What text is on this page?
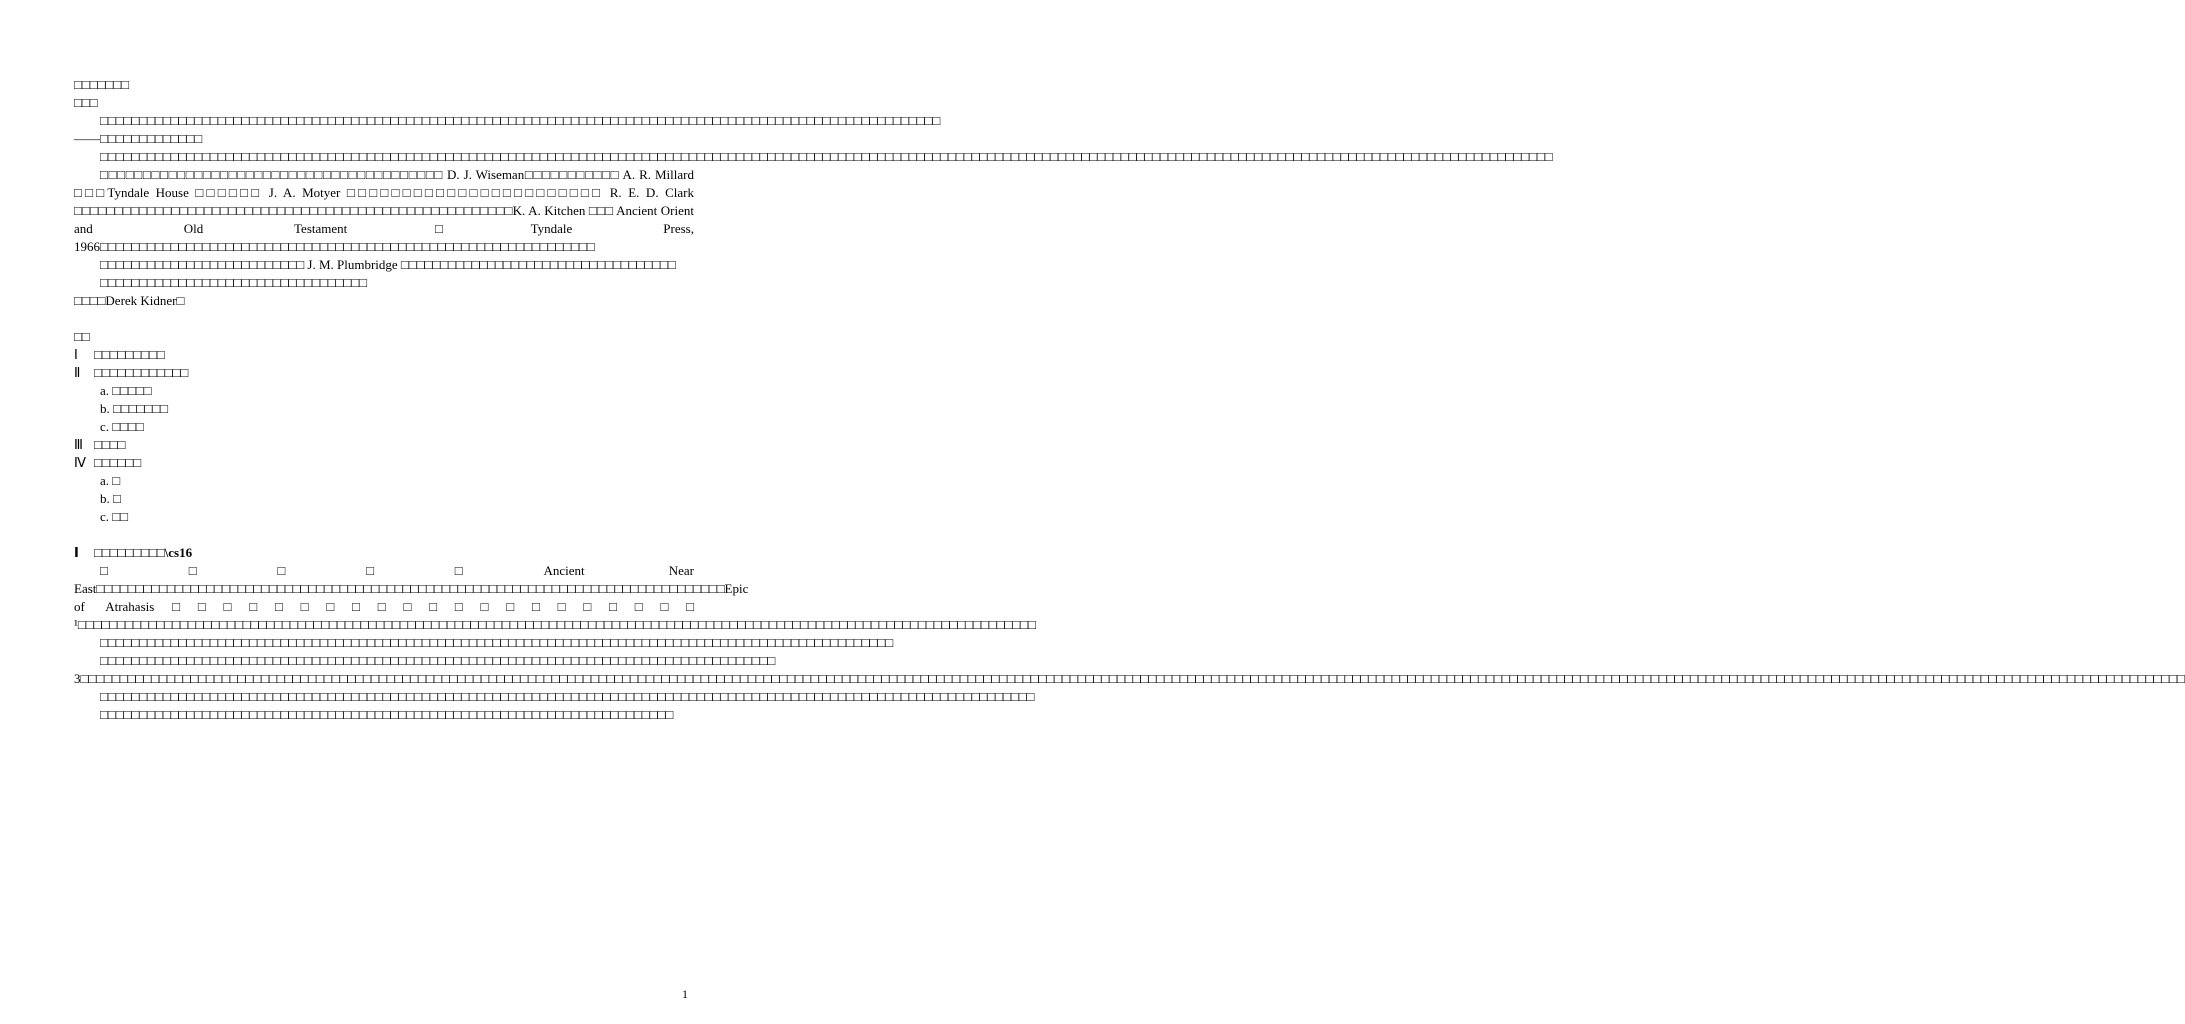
□□□□□□□
□□□

□□□□□□□□□□□□□□□□□□□□□□□□□□□□□□□□□□□□□□□□□□□□□□□□□□□□□□□□□□□□□□□□□□□□□□□□□□□□□□□□□□□□□□□□□□□□□□□□□□□□□□□□□□□——□□□□□□□□□□□□□

□□□□□□□□□□□□□□□□□□□□□□□□□□□□□□□□□□□□□□□□□□□□□□□□□□□□□□□□□□□□□□□□□□□□□□□□□□□□□□□□□□□□□□□□□□□□□□□□□□□□□□□□□□□□□□□□□□□□□□□□□□□□□□□□□□□□□□□□□□□□□□□□□□□□□□□□□□□□□□□□□□□□□□□□□□□□□□□□□□□□□□□□□

□□□□□□□□□□□□□□□□□□□□□□□□□□□□□□□□□□□□□□□□ D. J. Wiseman□□□□□□□□□□□ A. R. Millard □□□Tyndale House □□□□□□ J. A. Motyer □□□□□□□□□□□□□□□□□□□□□□□ R. E. D. Clark □□□□□□□□□□□□□□□□□□□□□□□□□□□□□□□□□□□□□□□□□□□□□□□□□□□□□□K. A. Kitchen □□□ Ancient Orient and Old Testament□Tyndale Press, 1966□□□□□□□□□□□□□□□□□□□□□□□□□□□□□□□□□□□□□□□□□□□□□□□□□□□□□□□□□□□□□□□

□□□□□□□□□□□□□□□□□□□□□□□□□□ J. M. Plumbridge □□□□□□□□□□□□□□□□□□□□□□□□□□□□□□□□□□□

□□□□□□□□□□□□□□□□□□□□□□□□□□□□□□□□□□

□□□□Derek Kidner□
□□
Ⅰ □□□□□□□□□
Ⅱ □□□□□□□□□□□□
a. □□□□□
b. □□□□□□□
c. □□□□
Ⅲ □□□□
Ⅳ □□□□□□
a. □
b. □
c. □□
Ⅰ □□□□□□□□□\cs16

□□□□□Ancient Near East□□□□□□□□□□□□□□□□□□□□□□□□□□□□□□□□□□□□□□□□□□□□□□□□□□□□□□□□□□□□□□□□□□□□□□□□□□□□□□□□Epic of Atrahasis□□□□□□□□□□□□□□□□□□□□□ ¹□□□□□□□□□□□□□□□□□□□□□□□□□□□□□□□□□□□□□□□□□□□□□□□□□□□□□□□□□□□□□□□□□□□□□□□□□□□□□□□□□□□□□□□□□□□□□□□□□□□□□□□□□□□□□□□□□□□□□□□□□□

□□□□□□□□□□□□□□□□□□□□□□□□□□□□□□□□□□□□□□□□□□□□□□□□□□□□□□□□□□□□□□□□□□□□□□□□□□□□□□□□□□□□□□□□□□□□□□□□□□□□□

□□□□□□□□□□□□□□□□□□□□□□□□□□□□□□□□□□□□□□□□□□□□□□□□□□□□□□□□□□□□□□□□□□□□□□□□□□□□□□□□□□□□□□ 3□□□□□□□□□□□□□□□□□□□□□□□□□□□□□□□□□□□□□□□□□□□□□□□□□□□□□□□□□□□□□□□□□□□□□□□□□□□□□□□□□□□□□□□□□□□□□□□□□□□□□□□□□□□□□□□□□□□□□□□□□□□□□□□□□□□□□□□□□□□□□□□□□□□□□□□□□□□□□□□□□□□□□□□□□□□□□□□□□□□□□□□□□□□□□□□□□□□□□□□□□□□□□□□□□□□□□□□□□□□□□□□□□□□□□□□□□□□□□□□□□□□□□□□□□□□□□□□□□□□□□□□□□□□□

□□□□□□□□□□□□□□□□□□□□□□□□□□□□□□□□□□□□□□□□□□□□□□□□□□□□□□□□□□□□□□□□□□□□□□□□□□□□□□□□□□□□□□□□□□□□□□□□□□□□□□□□□□□□□□□□□□□□□□□

□□□□□□□□□□□□□□□□□□□□□□□□□□□□□□□□□□□□□□□□□□□□□□□□□□□□□□□□□□□□□□□□□□□□□□□□□

1
